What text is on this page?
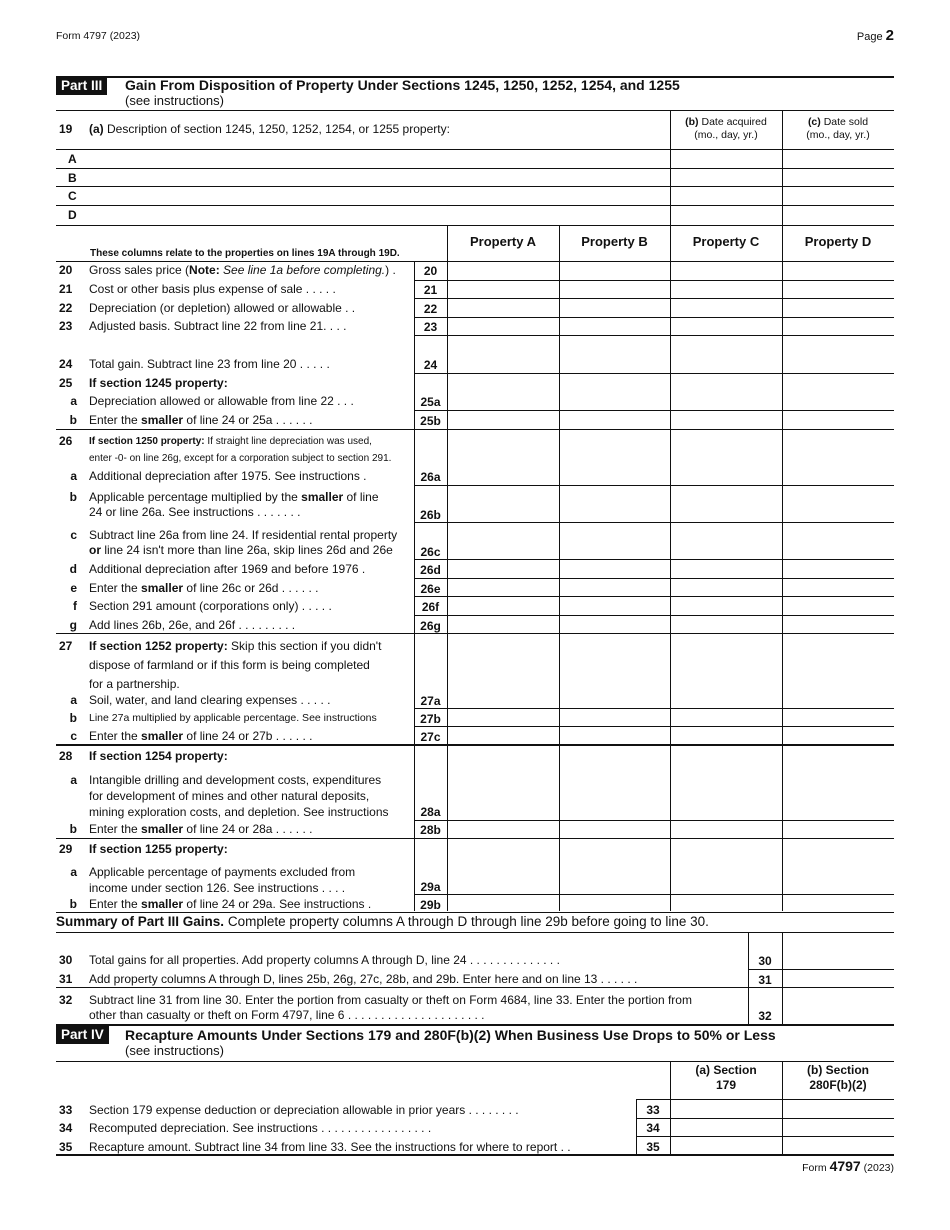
Form 4797 (2023)	Page 2
Part III	Gain From Disposition of Property Under Sections 1245, 1250, 1252, 1254, and 1255
(see instructions)
19	(a) Description of section 1245, 1250, 1252, 1254, or 1255 property:	(b) Date acquired
(mo., day, yr.)
(c) Date sold
(mo., day, yr.)
A
B
C
D
These columns relate to the properties on lines 19A through 19D.
Property A	Property B	Property C	Property D
20	Gross sales price (Note: See line 1a before completing.) .	20
21	Cost or other basis plus expense of sale . . . . .	21
22	Depreciation (or depletion) allowed or allowable . .	22
23	Adjusted basis. Subtract line 22 from line 21. . . .	23
24	Total gain. Subtract line 23 from line 20 . . . . .	24
25	If section 1245 property:
a Depreciation allowed or allowable from line 22 . . .	25a
b Enter the smaller of line 24 or 25a . . . . . .	25b
26	If section 1250 property: If straight line depreciation was used,
enter -0- on line 26g, except for a corporation subject to section 291.
a Additional depreciation after 1975. See instructions .	26a
b Applicable percentage multiplied by the smaller of line
24 or line 26a. See instructions . . . . . . .	26b
c Subtract line 26a from line 24. If residential rental property
or line 24 isn't more than line 26a, skip lines 26d and 26e	26c
d Additional depreciation after 1969 and before 1976 .	26d
e Enter the smaller of line 26c or 26d . . . . . .	26e
f Section 291 amount (corporations only) . . . . .	26f
g Add lines 26b, 26e, and 26f . . . . . . . . .	26g
27	If section 1252 property: Skip this section if you didn't
dispose of farmland or if this form is being completed
for a partnership.
a Soil, water, and land clearing expenses . . . . .	27a
b Line 27a multiplied by applicable percentage. See instructions	27b
c Enter the smaller of line 24 or 27b . . . . . .	27c
28	If section 1254 property:
a Intangible drilling and development costs, expenditures
for development of mines and other natural deposits,
mining exploration costs, and depletion. See instructions	28a
b Enter the smaller of line 24 or 28a . . . . . .	28b
29	If section 1255 property:
a Applicable percentage of payments excluded from
income under section 126. See instructions . . . .	29a
b Enter the smaller of line 24 or 29a. See instructions .	29b
Summary of Part III Gains. Complete property columns A through D through line 29b before going to line 30.
30 Total gains for all properties. Add property columns A through D, line 24 . . . . . . . . . . . . . .	30
31 Add property columns A through D, lines 25b, 26g, 27c, 28b, and 29b. Enter here and on line 13 . . . . . .	31
32 Subtract line 31 from line 30. Enter the portion from casualty or theft on Form 4684, line 33. Enter the portion from
other than casualty or theft on Form 4797, line 6 . . . . . . . . . . . . . . . . . . . . .	32
Part IV	Recapture Amounts Under Sections 179 and 280F(b)(2) When Business Use Drops to 50% or Less
(see instructions)
(a) Section
179
(b) Section
280F(b)(2)
33 Section 179 expense deduction or depreciation allowable in prior years . . . . . . . .	33
34 Recomputed depreciation. See instructions . . . . . . . . . . . . . . . . .	34
35 Recapture amount. Subtract line 34 from line 33. See the instructions for where to report . .	35
Form 4797 (2023)
